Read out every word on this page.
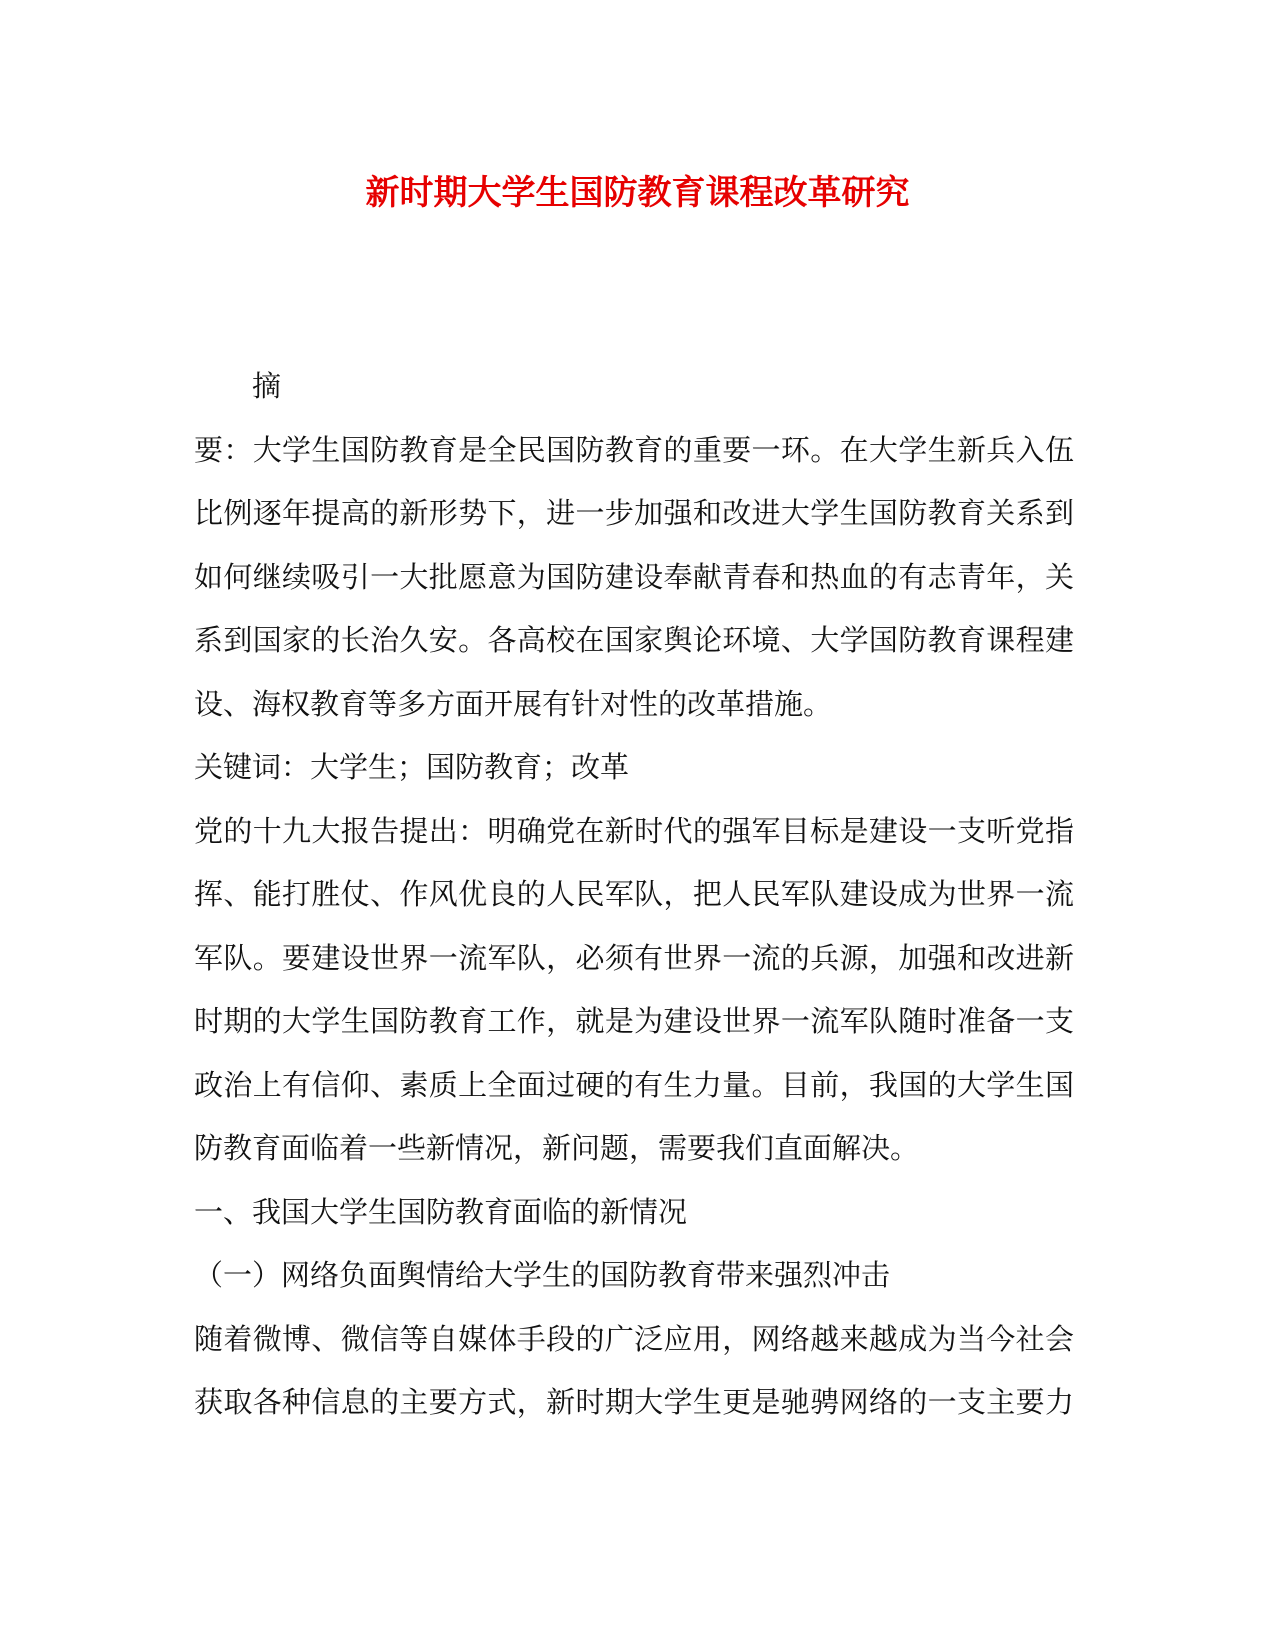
新时期大学生国防教育课程改革研究
摘
要：大学生国防教育是全民国防教育的重要一环。在大学生新兵入伍
比例逐年提高的新形势下，进一步加强和改进大学生国防教育关系到
如何继续吸引一大批愿意为国防建设奉献青春和热血的有志青年，关
系到国家的长治久安。各高校在国家舆论环境、大学国防教育课程建
设、海权教育等多方面开展有针对性的改革措施。
关键词：大学生；国防教育；改革
党的十九大报告提出：明确党在新时代的强军目标是建设一支听党指
挥、能打胜仗、作风优良的人民军队，把人民军队建设成为世界一流
军队。要建设世界一流军队，必须有世界一流的兵源，加强和改进新
时期的大学生国防教育工作，就是为建设世界一流军队随时准备一支
政治上有信仰、素质上全面过硬的有生力量。目前，我国的大学生国
防教育面临着一些新情况，新问题，需要我们直面解决。
一、我国大学生国防教育面临的新情况
（一）网络负面舆情给大学生的国防教育带来强烈冲击
随着微博、微信等自媒体手段的广泛应用，网络越来越成为当今社会
获取各种信息的主要方式，新时期大学生更是驰骋网络的一支主要力
